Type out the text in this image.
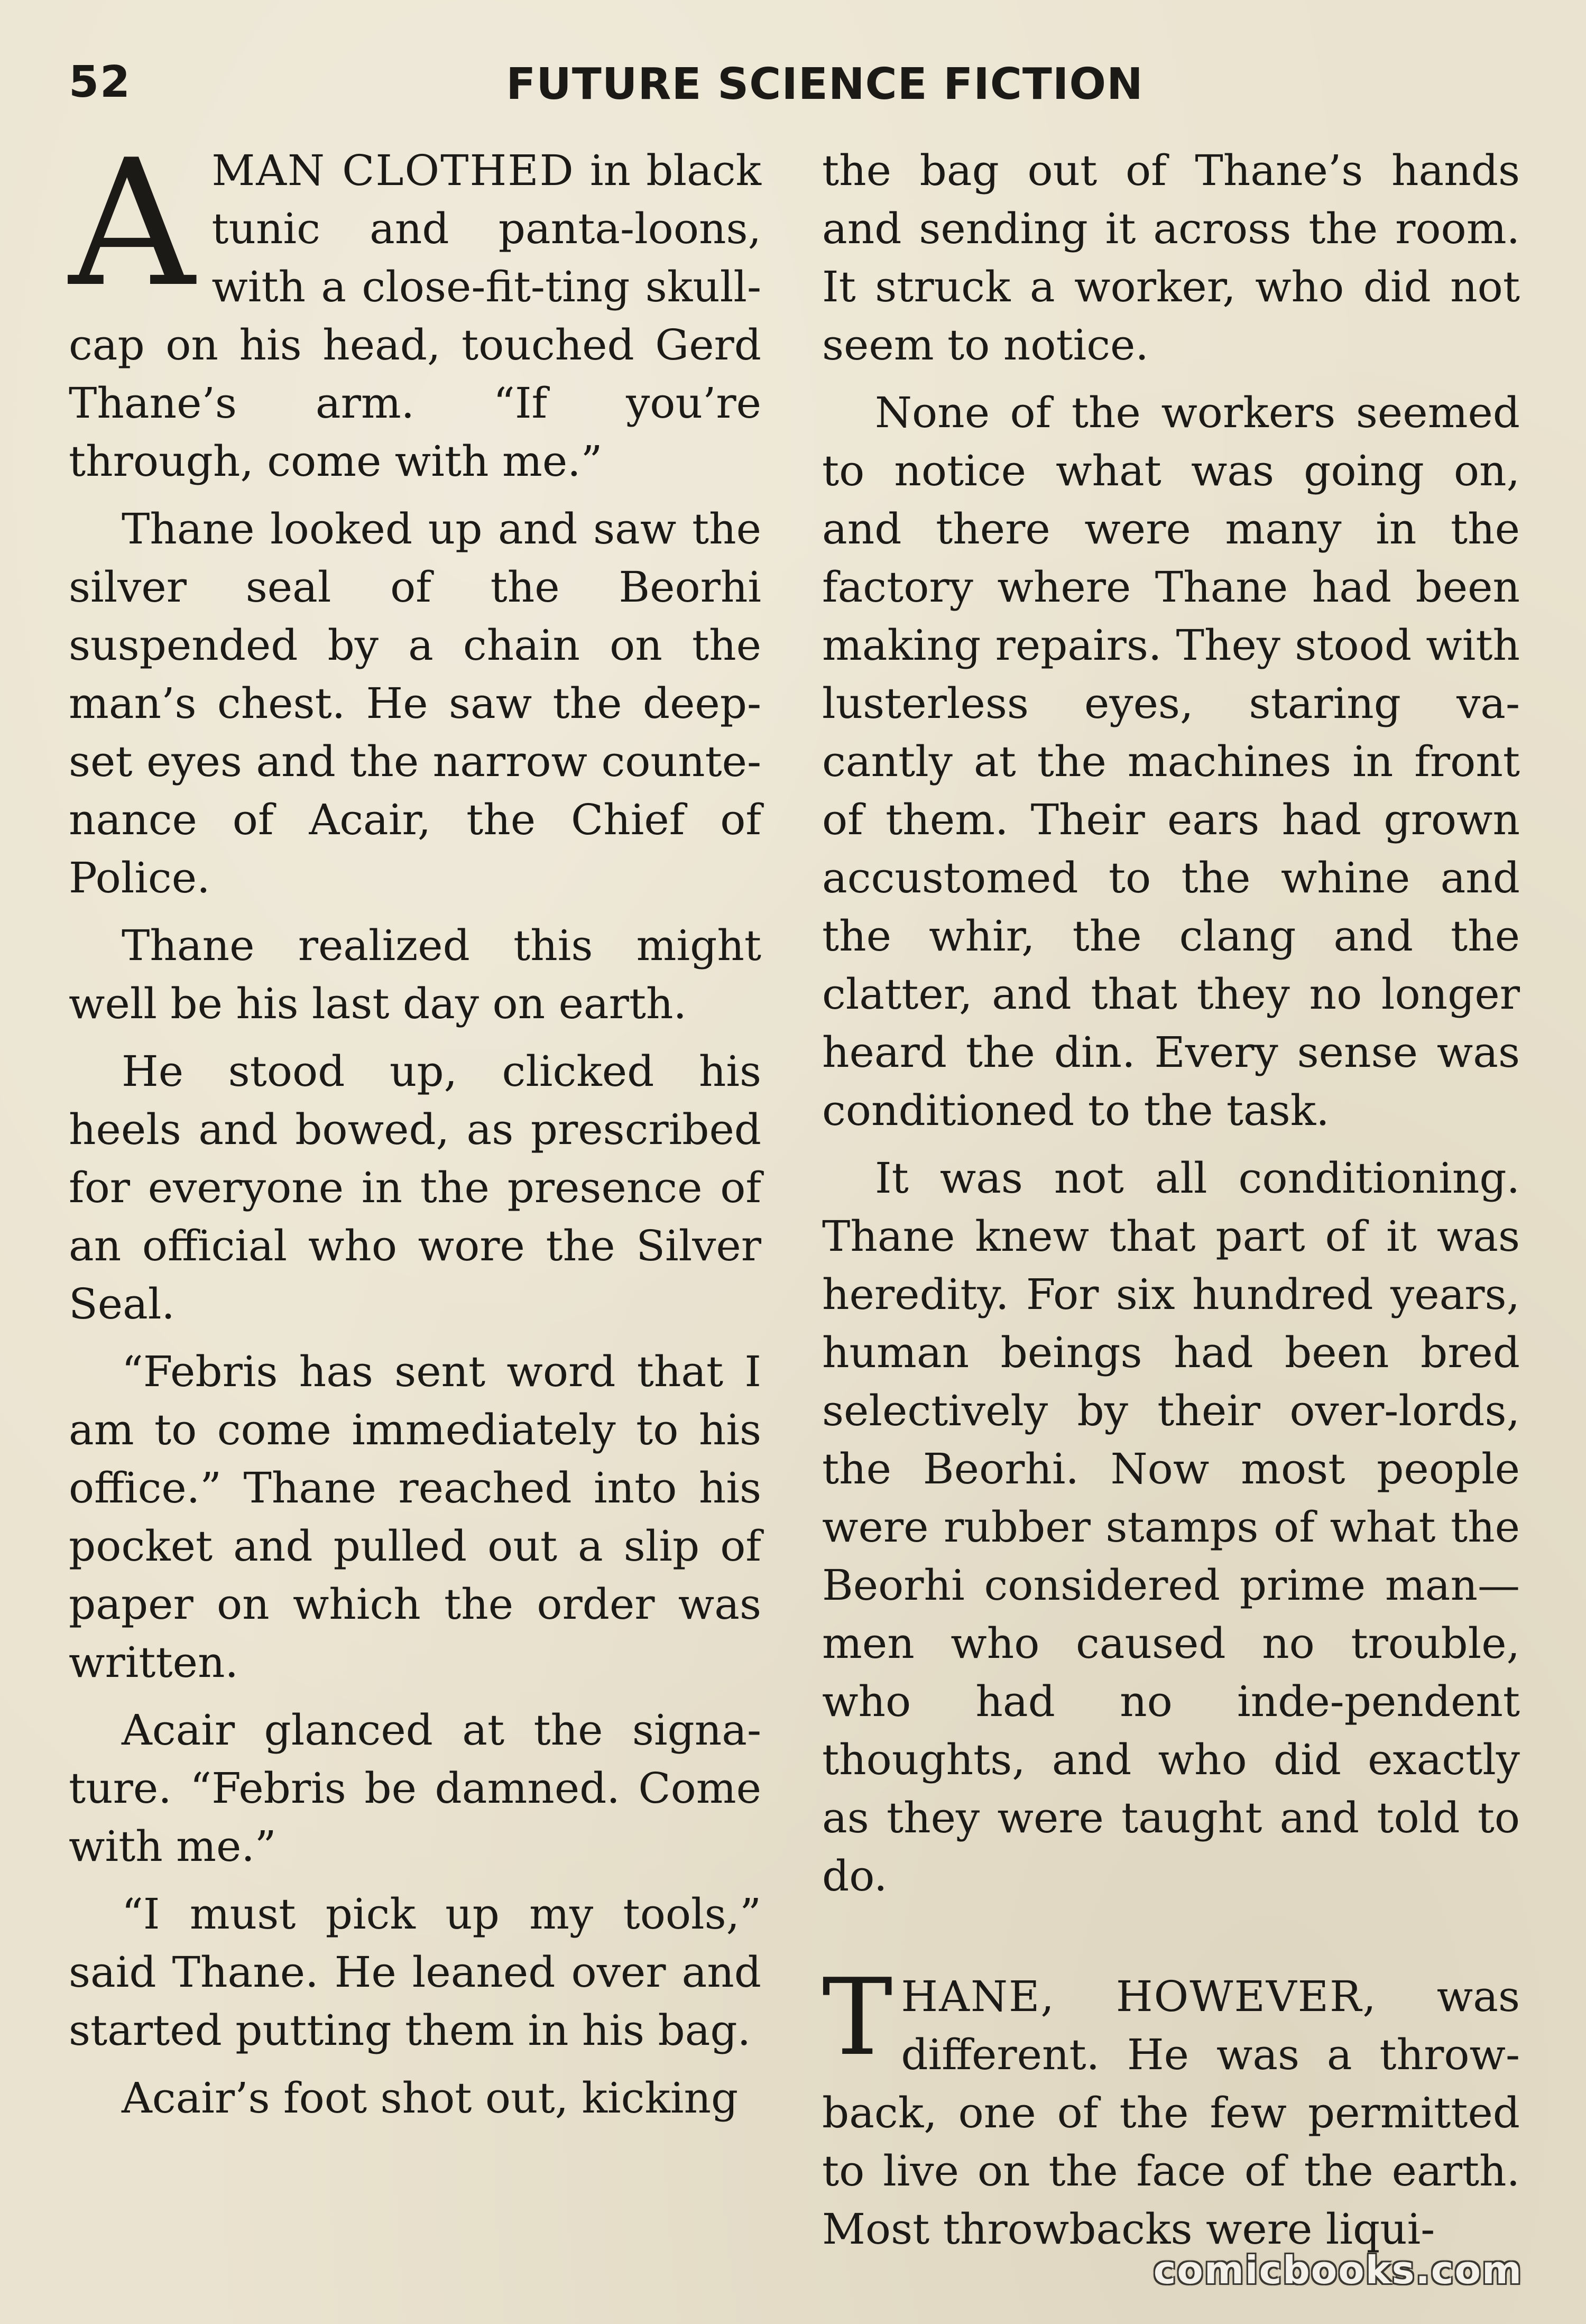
52	FUTURE SCIENCE FICTION

AMAN CLOTHED in black tunic and panta-loons, with a close-fit-ting skull-cap on his head, touched Gerd Thane’s arm. “If you’re through, come with me.”

Thane looked up and saw the silver seal of the Beorhi suspended by a chain on the man’s chest. He saw the deep-set eyes and the narrow counte-nance of Acair, the Chief of Police.

Thane realized this might well be his last day on earth.

He stood up, clicked his heels and bowed, as prescribed for everyone in the presence of an official who wore the Silver Seal.

“Febris has sent word that I am to come immediately to his office.” Thane reached into his pocket and pulled out a slip of paper on which the order was written.

Acair glanced at the signa-ture. “Febris be damned. Come with me.”

“I must pick up my tools,” said Thane. He leaned over and started putting them in his bag.

Acair’s foot shot out, kicking

the bag out of Thane’s hands and sending it across the room. It struck a worker, who did not seem to notice.

None of the workers seemed to notice what was going on, and there were many in the factory where Thane had been making repairs. They stood with lusterless eyes, staring va-cantly at the machines in front of them. Their ears had grown accustomed to the whine and the whir, the clang and the clatter, and that they no longer heard the din. Every sense was conditioned to the task.

It was not all conditioning. Thane knew that part of it was heredity. For six hundred years, human beings had been bred selectively by their over-lords, the Beorhi. Now most people were rubber stamps of what the Beorhi considered prime man—men who caused no trouble, who had no inde-pendent thoughts, and who did exactly as they were taught and told to do.

THANE, HOWEVER, was different. He was a throw-back, one of the few permitted to live on the face of the earth. Most throwbacks were liqui-

comicbooks.com
